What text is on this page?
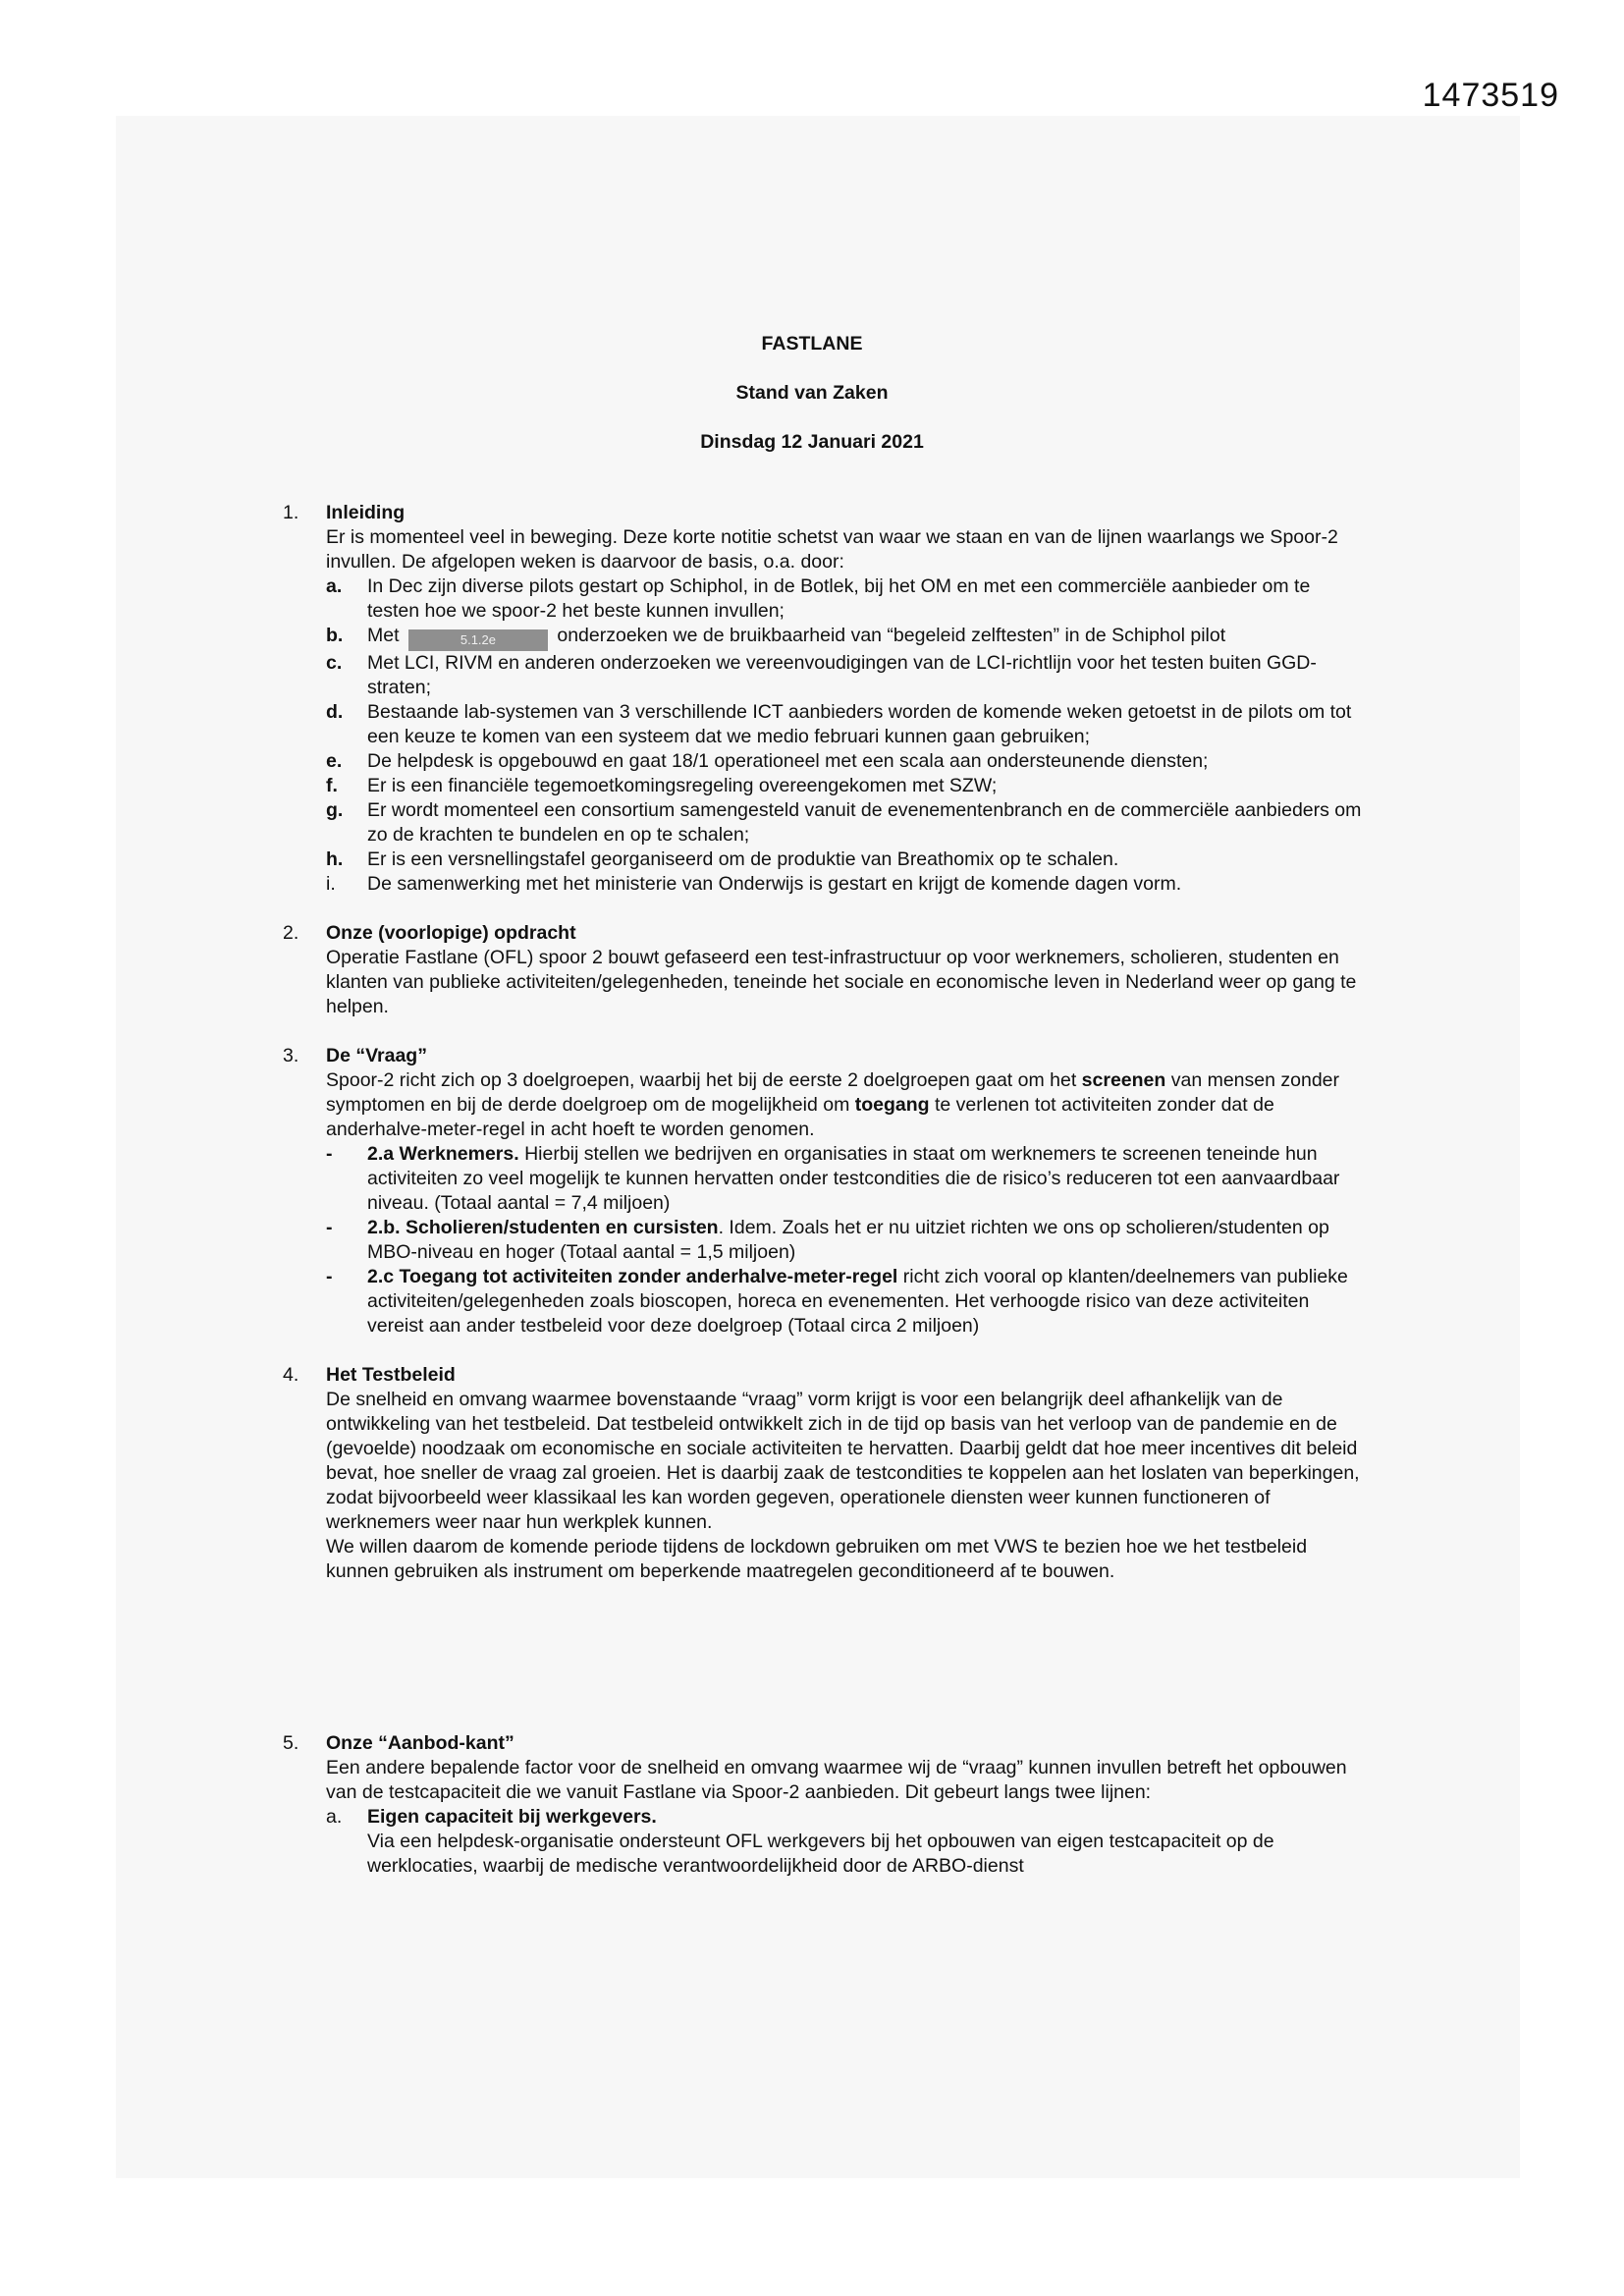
1473519
FASTLANE
Stand van Zaken
Dinsdag 12 Januari 2021
1. Inleiding
Er is momenteel veel in beweging. Deze korte notitie schetst van waar we staan en van de lijnen waarlangs we Spoor-2 invullen. De afgelopen weken is daarvoor de basis, o.a. door:
a. In Dec zijn diverse pilots gestart op Schiphol, in de Botlek, bij het OM en met een commerciële aanbieder om te testen hoe we spoor-2 het beste kunnen invullen;
b. Met	5.1.2e	onderzoeken we de bruikbaarheid van “begeleid zelftesten” in de Schiphol pilot
c. Met LCI, RIVM en anderen onderzoeken we vereenvoudigingen van de LCI-richtlijn voor het testen buiten GGD-straten;
d. Bestaande lab-systemen van 3 verschillende ICT aanbieders worden de komende weken getoetst in de pilots om tot een keuze te komen van een systeem dat we medio februari kunnen gaan gebruiken;
e. De helpdesk is opgebouwd en gaat 18/1 operationeel met een scala aan ondersteunende diensten;
f. Er is een financiële tegemoetkomingsregeling overeengekomen met SZW;
g. Er wordt momenteel een consortium samengesteld vanuit de evenementenbranch en de commerciële aanbieders om zo de krachten te bundelen en op te schalen;
h. Er is een versnellingstafel georganiseerd om de produktie van Breathomix op te schalen.
i. De samenwerking met het ministerie van Onderwijs is gestart en krijgt de komende dagen vorm.
2. Onze (voorlopige) opdracht
Operatie Fastlane (OFL) spoor 2 bouwt gefaseerd een test-infrastructuur op voor werknemers, scholieren, studenten en klanten van publieke activiteiten/gelegenheden, teneinde het sociale en economische leven in Nederland weer op gang te helpen.
3. De “Vraag”
Spoor-2 richt zich op 3 doelgroepen, waarbij het bij de eerste 2 doelgroepen gaat om het screenen van mensen zonder symptomen en bij de derde doelgroep om de mogelijkheid om toegang te verlenen tot activiteiten zonder dat de anderhalve-meter-regel in acht hoeft te worden genomen.
- 2.a Werknemers. Hierbij stellen we bedrijven en organisaties in staat om werknemers te screenen teneinde hun activiteiten zo veel mogelijk te kunnen hervatten onder testcondities die de risico’s reduceren tot een aanvaardbaar niveau. (Totaal aantal = 7,4 miljoen)
- 2.b. Scholieren/studenten en cursisten. Idem. Zoals het er nu uitziet richten we ons op scholieren/studenten op MBO-niveau en hoger (Totaal aantal = 1,5 miljoen)
- 2.c Toegang tot activiteiten zonder anderhalve-meter-regel richt zich vooral op klanten/deelnemers van publieke activiteiten/gelegenheden zoals bioscopen, horeca en evenementen. Het verhoogde risico van deze activiteiten vereist aan ander testbeleid voor deze doelgroep (Totaal circa 2 miljoen)
4. Het Testbeleid
De snelheid en omvang waarmee bovenstaande “vraag” vorm krijgt is voor een belangrijk deel afhankelijk van de ontwikkeling van het testbeleid. Dat testbeleid ontwikkelt zich in de tijd op basis van het verloop van de pandemie en de (gevoelde) noodzaak om economische en sociale activiteiten te hervatten. Daarbij geldt dat hoe meer incentives dit beleid bevat, hoe sneller de vraag zal groeien. Het is daarbij zaak de testcondities te koppelen aan het loslaten van beperkingen, zodat bijvoorbeeld weer klassikaal les kan worden gegeven, operationele diensten weer kunnen functioneren of werknemers weer naar hun werkplek kunnen.
We willen daarom de komende periode tijdens de lockdown gebruiken om met VWS te bezien hoe we het testbeleid kunnen gebruiken als instrument om beperkende maatregelen geconditioneerd af te bouwen.
5. Onze “Aanbod-kant”
Een andere bepalende factor voor de snelheid en omvang waarmee wij de “vraag” kunnen invullen betreft het opbouwen van de testcapaciteit die we vanuit Fastlane via Spoor-2 aanbieden. Dit gebeurt langs twee lijnen:
a. Eigen capaciteit bij werkgevers.
Via een helpdesk-organisatie ondersteunt OFL werkgevers bij het opbouwen van eigen testcapaciteit op de werklocaties, waarbij de medische verantwoordelijkheid door de ARBO-dienst
